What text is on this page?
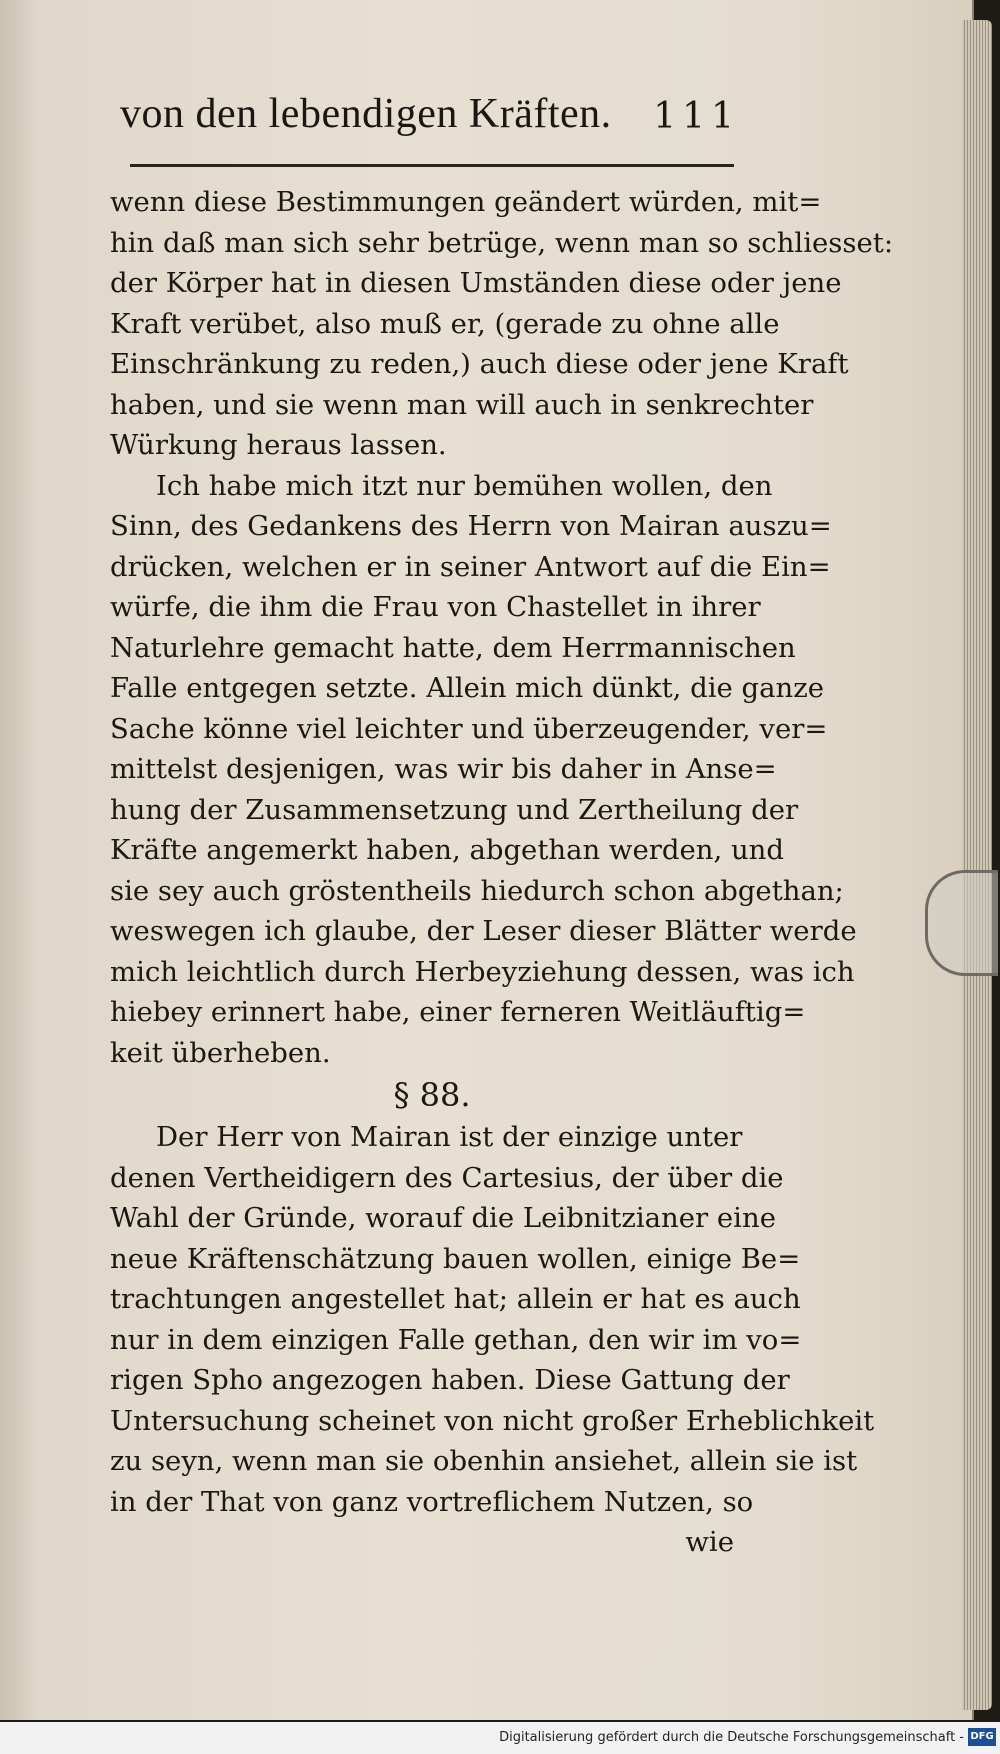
von den lebendigen Kräften. 111
wenn diese Bestimmungen geändert würden, mit=
hin daß man sich sehr betrüge, wenn man so schliesset:
der Körper hat in diesen Umständen diese oder jene
Kraft verübet, also muß er, (gerade zu ohne alle
Einschränkung zu reden,) auch diese oder jene Kraft
haben, und sie wenn man will auch in senkrechter
Würkung heraus lassen.
Ich habe mich itzt nur bemühen wollen, den
Sinn, des Gedankens des Herrn von Mairan auszu=
drücken, welchen er in seiner Antwort auf die Ein=
würfe, die ihm die Frau von Chastellet in ihrer
Naturlehre gemacht hatte, dem Herrmannischen
Falle entgegen setzte. Allein mich dünkt, die ganze
Sache könne viel leichter und überzeugender, ver=
mittelst desjenigen, was wir bis daher in Anse=
hung der Zusammensetzung und Zertheilung der
Kräfte angemerkt haben, abgethan werden, und
sie sey auch gröstentheils hiedurch schon abgethan;
weswegen ich glaube, der Leser dieser Blätter werde
mich leichtlich durch Herbeyziehung dessen, was ich
hiebey erinnert habe, einer ferneren Weitläuftig=
keit überheben.
§ 88.
Der Herr von Mairan ist der einzige unter
denen Vertheidigern des Cartesius, der über die
Wahl der Gründe, worauf die Leibnitzianer eine
neue Kräftenschätzung bauen wollen, einige Be=
trachtungen angestellet hat; allein er hat es auch
nur in dem einzigen Falle gethan, den wir im vo=
rigen Spho angezogen haben. Diese Gattung der
Untersuchung scheinet von nicht großer Erheblichkeit
zu seyn, wenn man sie obenhin ansiehet, allein sie ist
in der That von ganz vortreflichem Nutzen, so
wie
Digitalisierung gefördert durch die Deutsche Forschungsgemeinschaft - DFG
